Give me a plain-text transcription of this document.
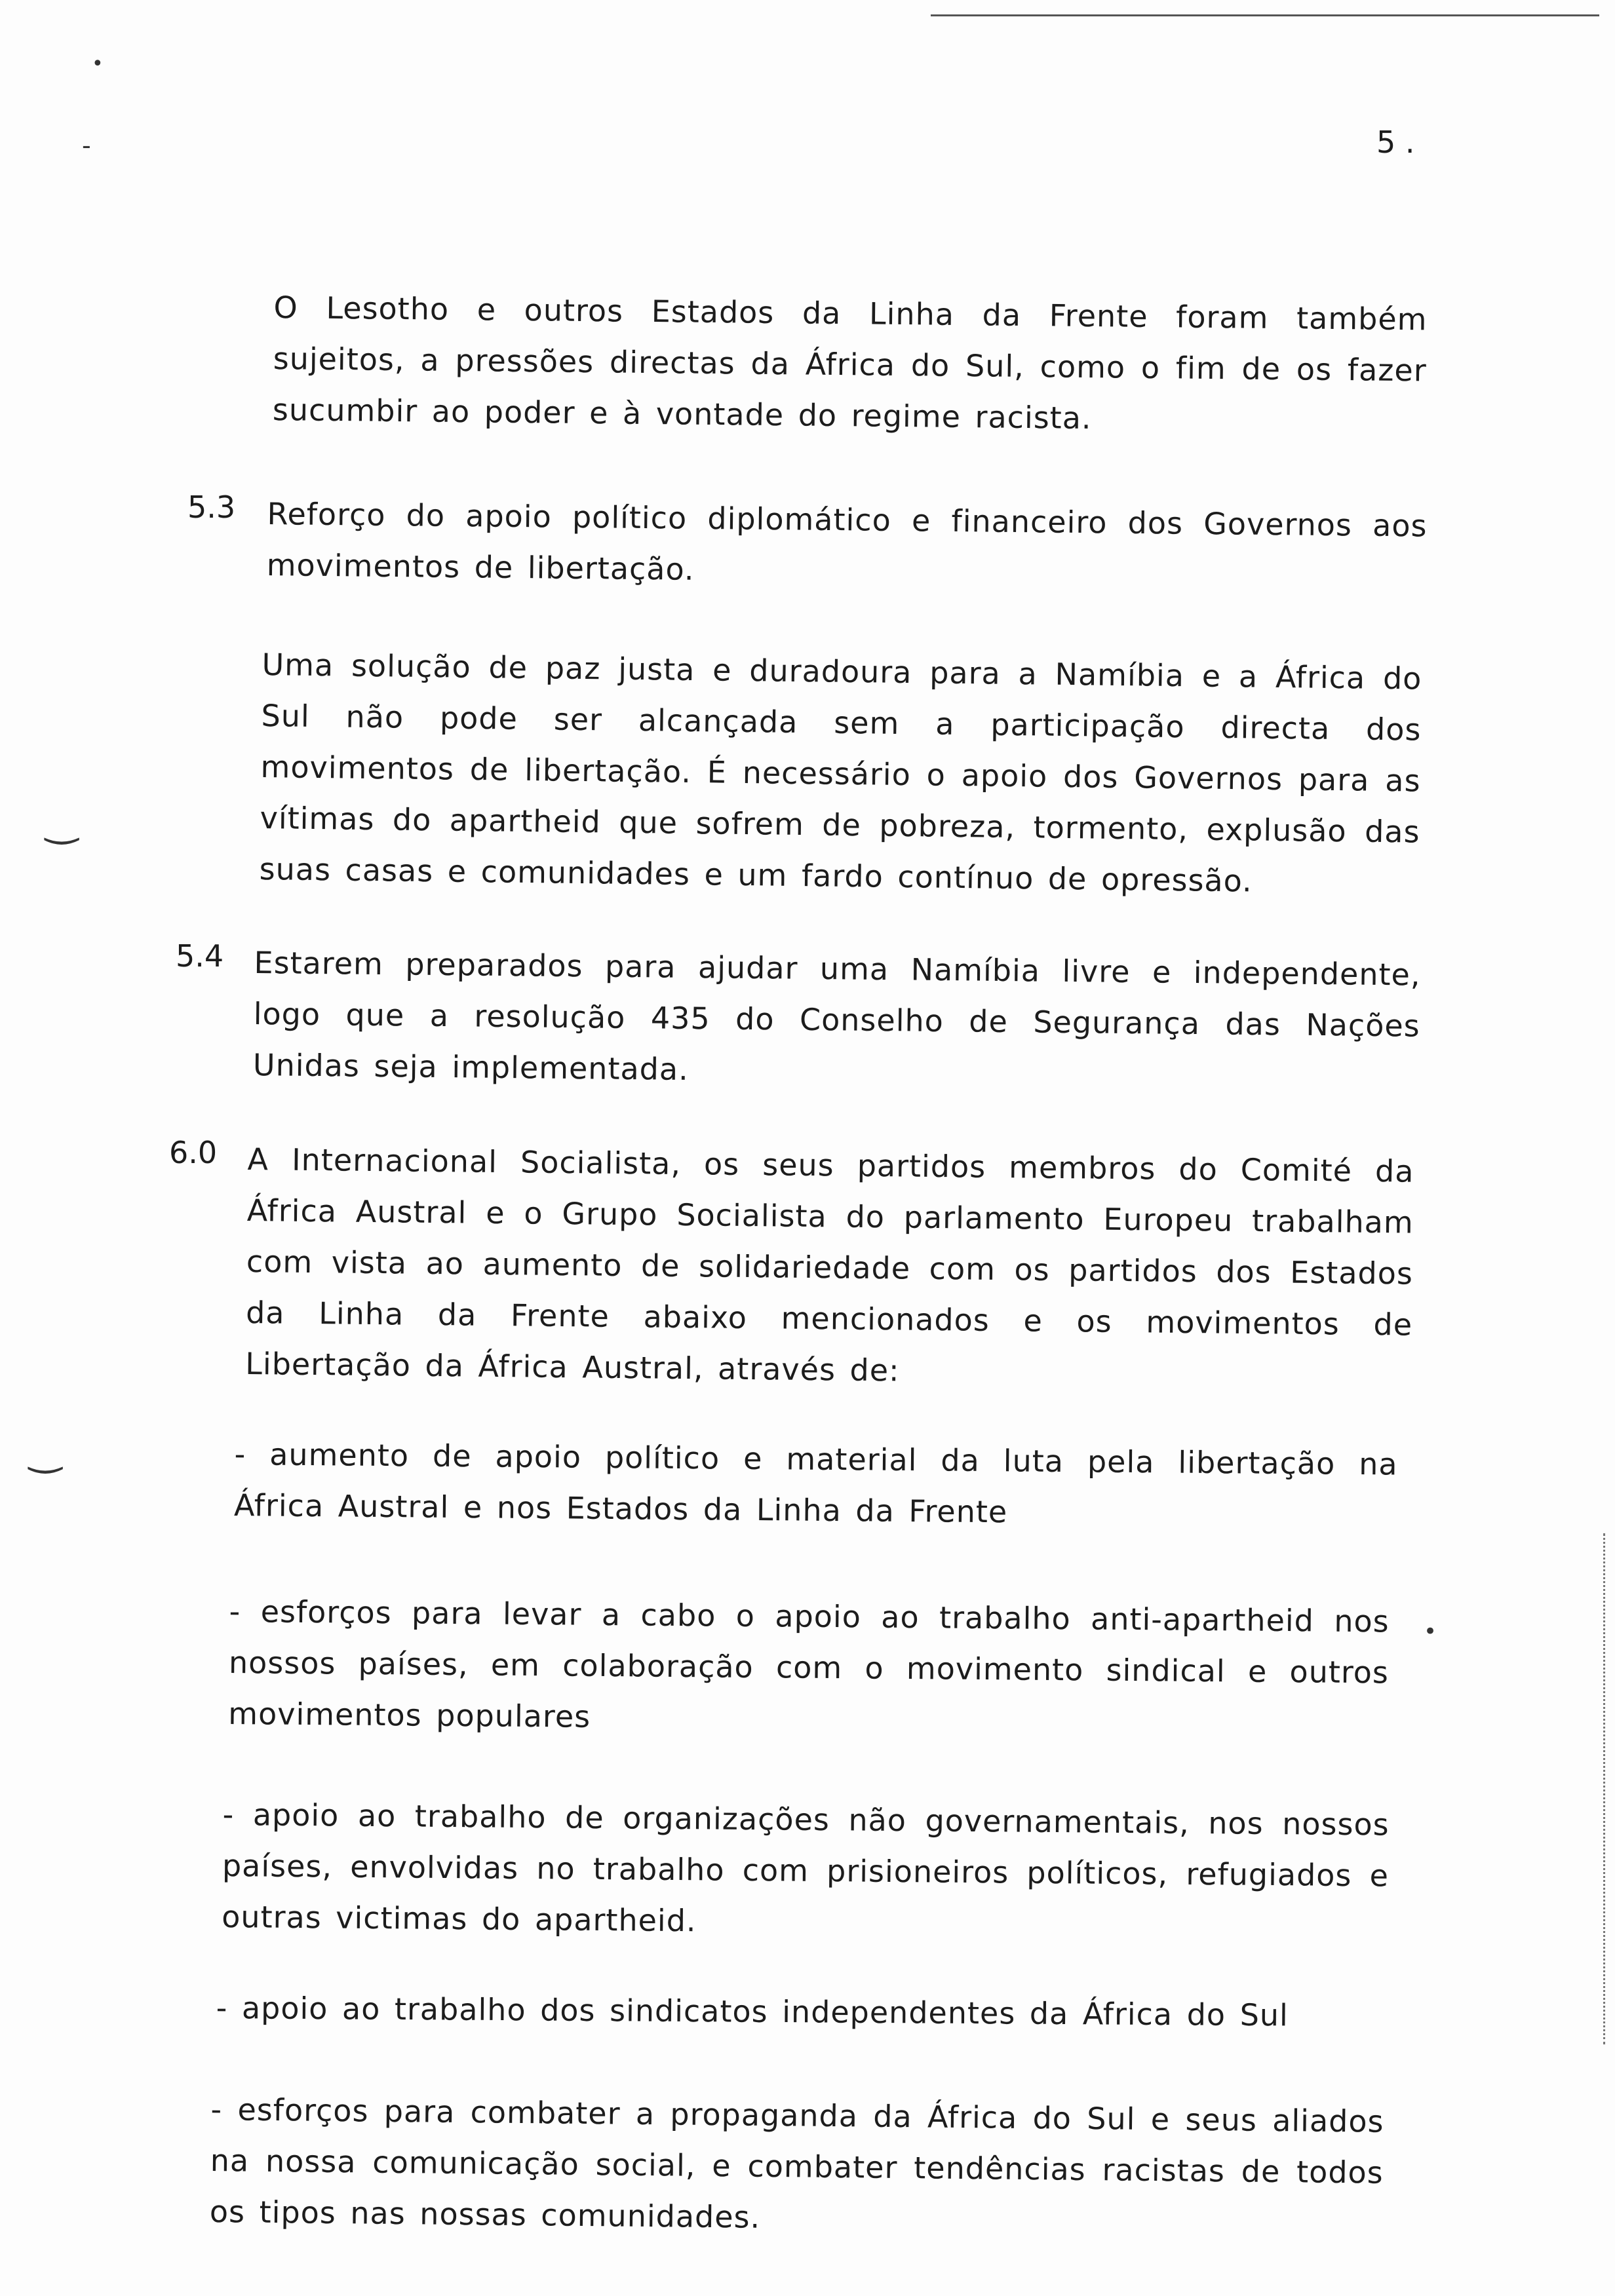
5 .
•
-
‿
‿
•

O Lesotho e outros Estados da Linha da Frente foram também sujeitos, a pressões directas da África do Sul, como o fim de os fazer sucumbir ao poder e à vontade do regime racista.

5.3 Reforço do apoio político diplomático e financeiro dos Governos aos movimentos de libertação.

Uma solução de paz justa e duradoura para a Namíbia e a África do Sul não pode ser alcançada sem a participação directa dos movimentos de libertação. É necessário o apoio dos Governos para as vítimas do apartheid que sofrem de pobreza, tormento, explusão das suas casas e comunidades e um fardo contínuo de opressão.

5.4 Estarem preparados para ajudar uma Namíbia livre e independente, logo que a resolução 435 do Conselho de Segurança das Nações Unidas seja implementada.

6.0 A Internacional Socialista, os seus partidos membros do Comité da África Austral e o Grupo Socialista do parlamento Europeu trabalham com vista ao aumento de solidariedade com os partidos dos Estados da Linha da Frente abaixo mencionados e os movimentos de Libertação da África Austral, através de:

- aumento de apoio político e material da luta pela libertação na África Austral e nos Estados da Linha da Frente

- esforços para levar a cabo o apoio ao trabalho anti-apartheid nos nossos países, em colaboração com o movimento sindical e outros movimentos populares

- apoio ao trabalho de organizações não governamentais, nos nossos países, envolvidas no trabalho com prisioneiros políticos, refugiados e outras victimas do apartheid.

- apoio ao trabalho dos sindicatos independentes da África do Sul

- esforços para combater a propaganda da África do Sul e seus aliados na nossa comunicação social, e combater tendências racistas de todos os tipos nas nossas comunidades.
